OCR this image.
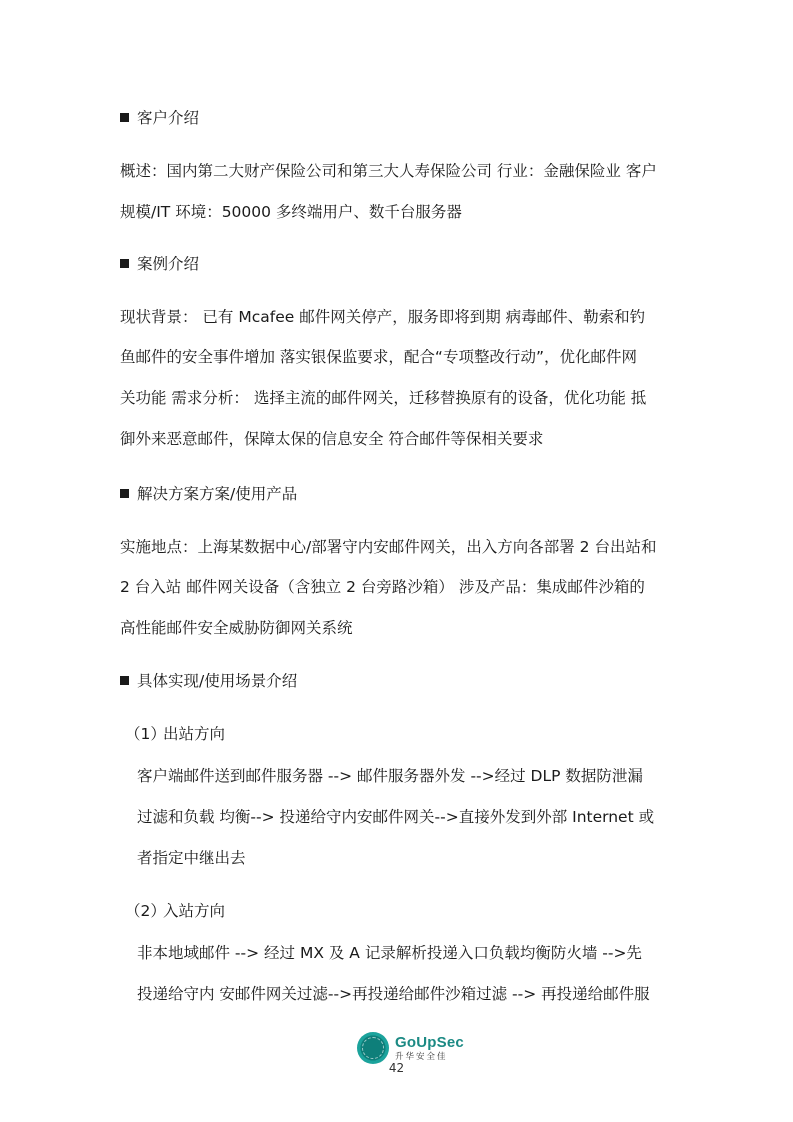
客户介绍
概述：国内第二大财产保险公司和第三大人寿保险公司 行业：金融保险业 客户
规模/IT 环境：50000 多终端用户、数千台服务器
案例介绍
现状背景： 已有 Mcafee 邮件网关停产，服务即将到期 病毒邮件、勒索和钓
鱼邮件的安全事件增加 落实银保监要求，配合“专项整改行动”，优化邮件网
关功能 需求分析： 选择主流的邮件网关，迁移替换原有的设备，优化功能 抵
御外来恶意邮件，保障太保的信息安全 符合邮件等保相关要求
解决方案方案/使用产品
实施地点：上海某数据中心/部署守内安邮件网关，出入方向各部署 2 台出站和
2 台入站 邮件网关设备（含独立 2 台旁路沙箱） 涉及产品：集成邮件沙箱的
高性能邮件安全威胁防御网关系统
具体实现/使用场景介绍
（1）出站方向
客户端邮件送到邮件服务器 --> 邮件服务器外发 -->经过 DLP 数据防泄漏
过滤和负载 均衡--> 投递给守内安邮件网关-->直接外发到外部 Internet 或
者指定中继出去
（2）入站方向
非本地域邮件 --> 经过 MX 及 A 记录解析投递入口负载均衡防火墙 -->先
投递给守内 安邮件网关过滤-->再投递给邮件沙箱过滤 --> 再投递给邮件服
GoUpSec
升华安全佳
42
